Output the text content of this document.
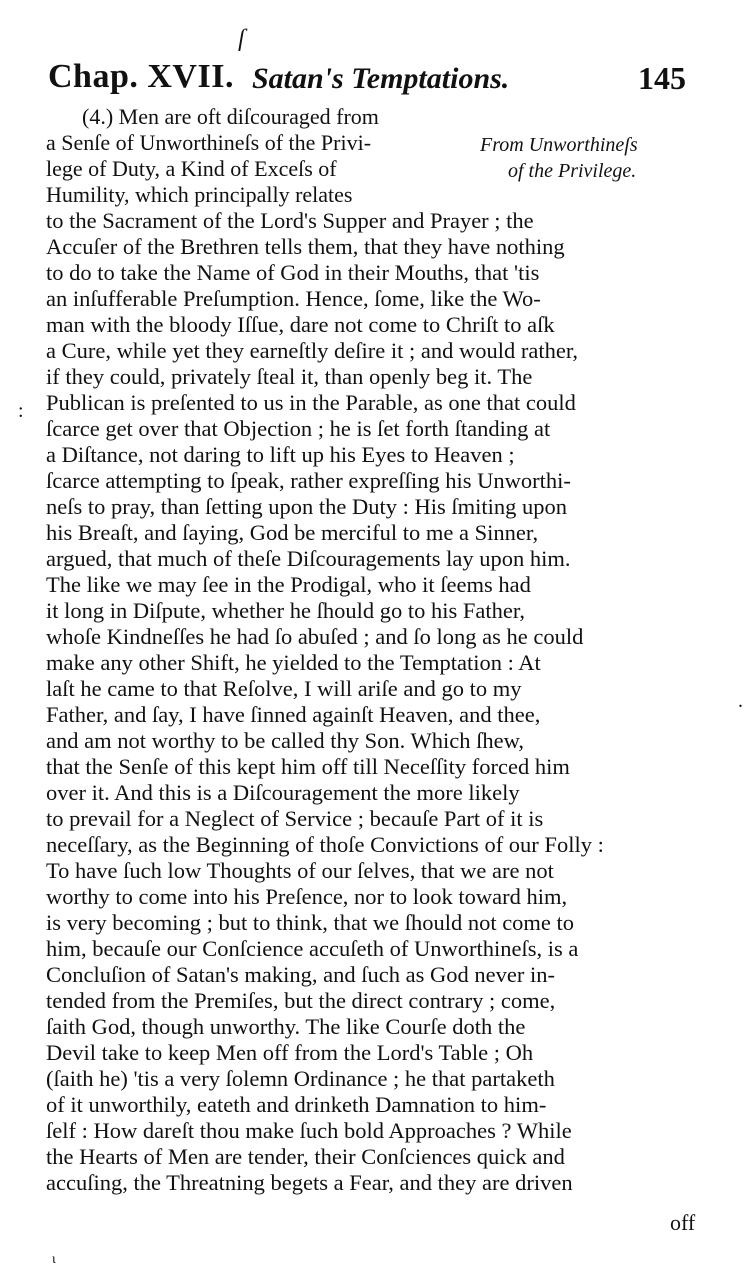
ſ
Chap. XVII. Satan's Temptations.	145
From Unworthineſs
of the Privilege.
(4.) Men are oft diſcouraged from
a Senſe of Unworthineſs of the Privi-
lege of Duty, a Kind of Exceſs of
Humility, which principally relates
to the Sacrament of the Lord's Supper and Prayer ; the
Accuſer of the Brethren tells them, that they have nothing
to do to take the Name of God in their Mouths, that 'tis
an inſufferable Preſumption. Hence, ſome, like the Wo-
man with the bloody Iſſue, dare not come to Chriſt to aſk
a Cure, while yet they earneſtly deſire it ; and would rather,
if they could, privately ſteal it, than openly beg it. The
Publican is preſented to us in the Parable, as one that could
ſcarce get over that Objection ; he is ſet forth ſtanding at
a Diſtance, not daring to lift up his Eyes to Heaven ;
ſcarce attempting to ſpeak, rather expreſſing his Unworthi-
neſs to pray, than ſetting upon the Duty : His ſmiting upon
his Breaſt, and ſaying, God be merciful to me a Sinner,
argued, that much of theſe Diſcouragements lay upon him.
The like we may ſee in the Prodigal, who it ſeems had
it long in Diſpute, whether he ſhould go to his Father,
whoſe Kindneſſes he had ſo abuſed ; and ſo long as he could
make any other Shift, he yielded to the Temptation : At
laſt he came to that Reſolve, I will ariſe and go to my
Father, and ſay, I have ſinned againſt Heaven, and thee,
and am not worthy to be called thy Son. Which ſhew,
that the Senſe of this kept him off till Neceſſity forced him
over it. And this is a Diſcouragement the more likely
to prevail for a Neglect of Service ; becauſe Part of it is
neceſſary, as the Beginning of thoſe Convictions of our Folly :
To have ſuch low Thoughts of our ſelves, that we are not
worthy to come into his Preſence, nor to look toward him,
is very becoming ; but to think, that we ſhould not come to
him, becauſe our Conſcience accuſeth of Unworthineſs, is a
Concluſion of Satan's making, and ſuch as God never in-
tended from the Premiſes, but the direct contrary ; come,
ſaith God, though unworthy. The like Courſe doth the
Devil take to keep Men off from the Lord's Table ; Oh
(ſaith he) 'tis a very ſolemn Ordinance ; he that partaketh
of it unworthily, eateth and drinketh Damnation to him-
ſelf : How dareſt thou make ſuch bold Approaches ? While
the Hearts of Men are tender, their Conſciences quick and
accuſing, the Threatning begets a Fear, and they are driven
off
:
.
ι
